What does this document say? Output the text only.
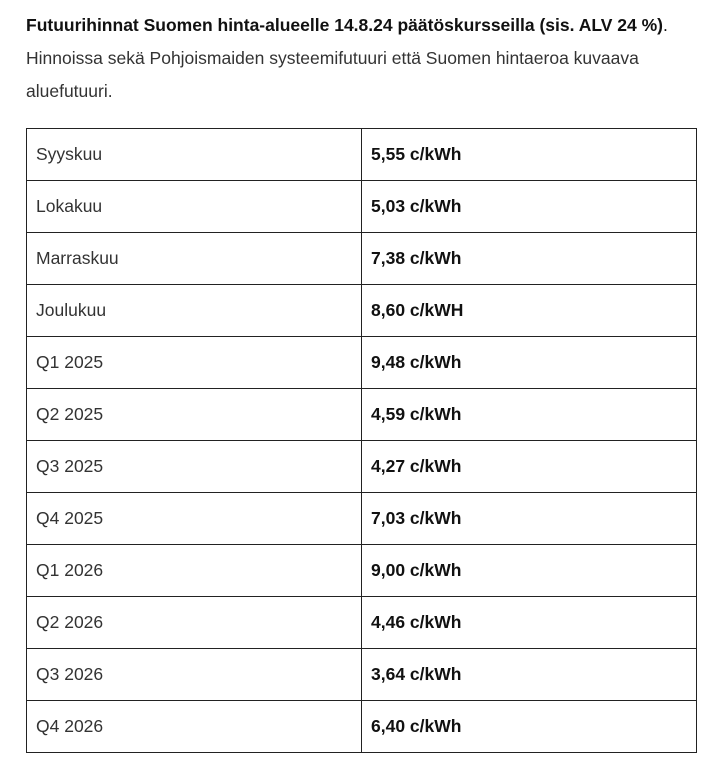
Futuurihinnat Suomen hinta-alueelle 14.8.24 päätöskursseilla (sis. ALV 24 %).
Hinnoissa sekä Pohjoismaiden systeemifutuuri että Suomen hintaeroa kuvaava aluefutuuri.
Syyskuu	5,55 c/kWh
Lokakuu	5,03 c/kWh
Marraskuu	7,38 c/kWh
Joulukuu	8,60 c/kWH
Q1 2025	9,48 c/kWh
Q2 2025	4,59 c/kWh
Q3 2025	4,27 c/kWh
Q4 2025	7,03 c/kWh
Q1 2026	9,00 c/kWh
Q2 2026	4,46 c/kWh
Q3 2026	3,64 c/kWh
Q4 2026	6,40 c/kWh
